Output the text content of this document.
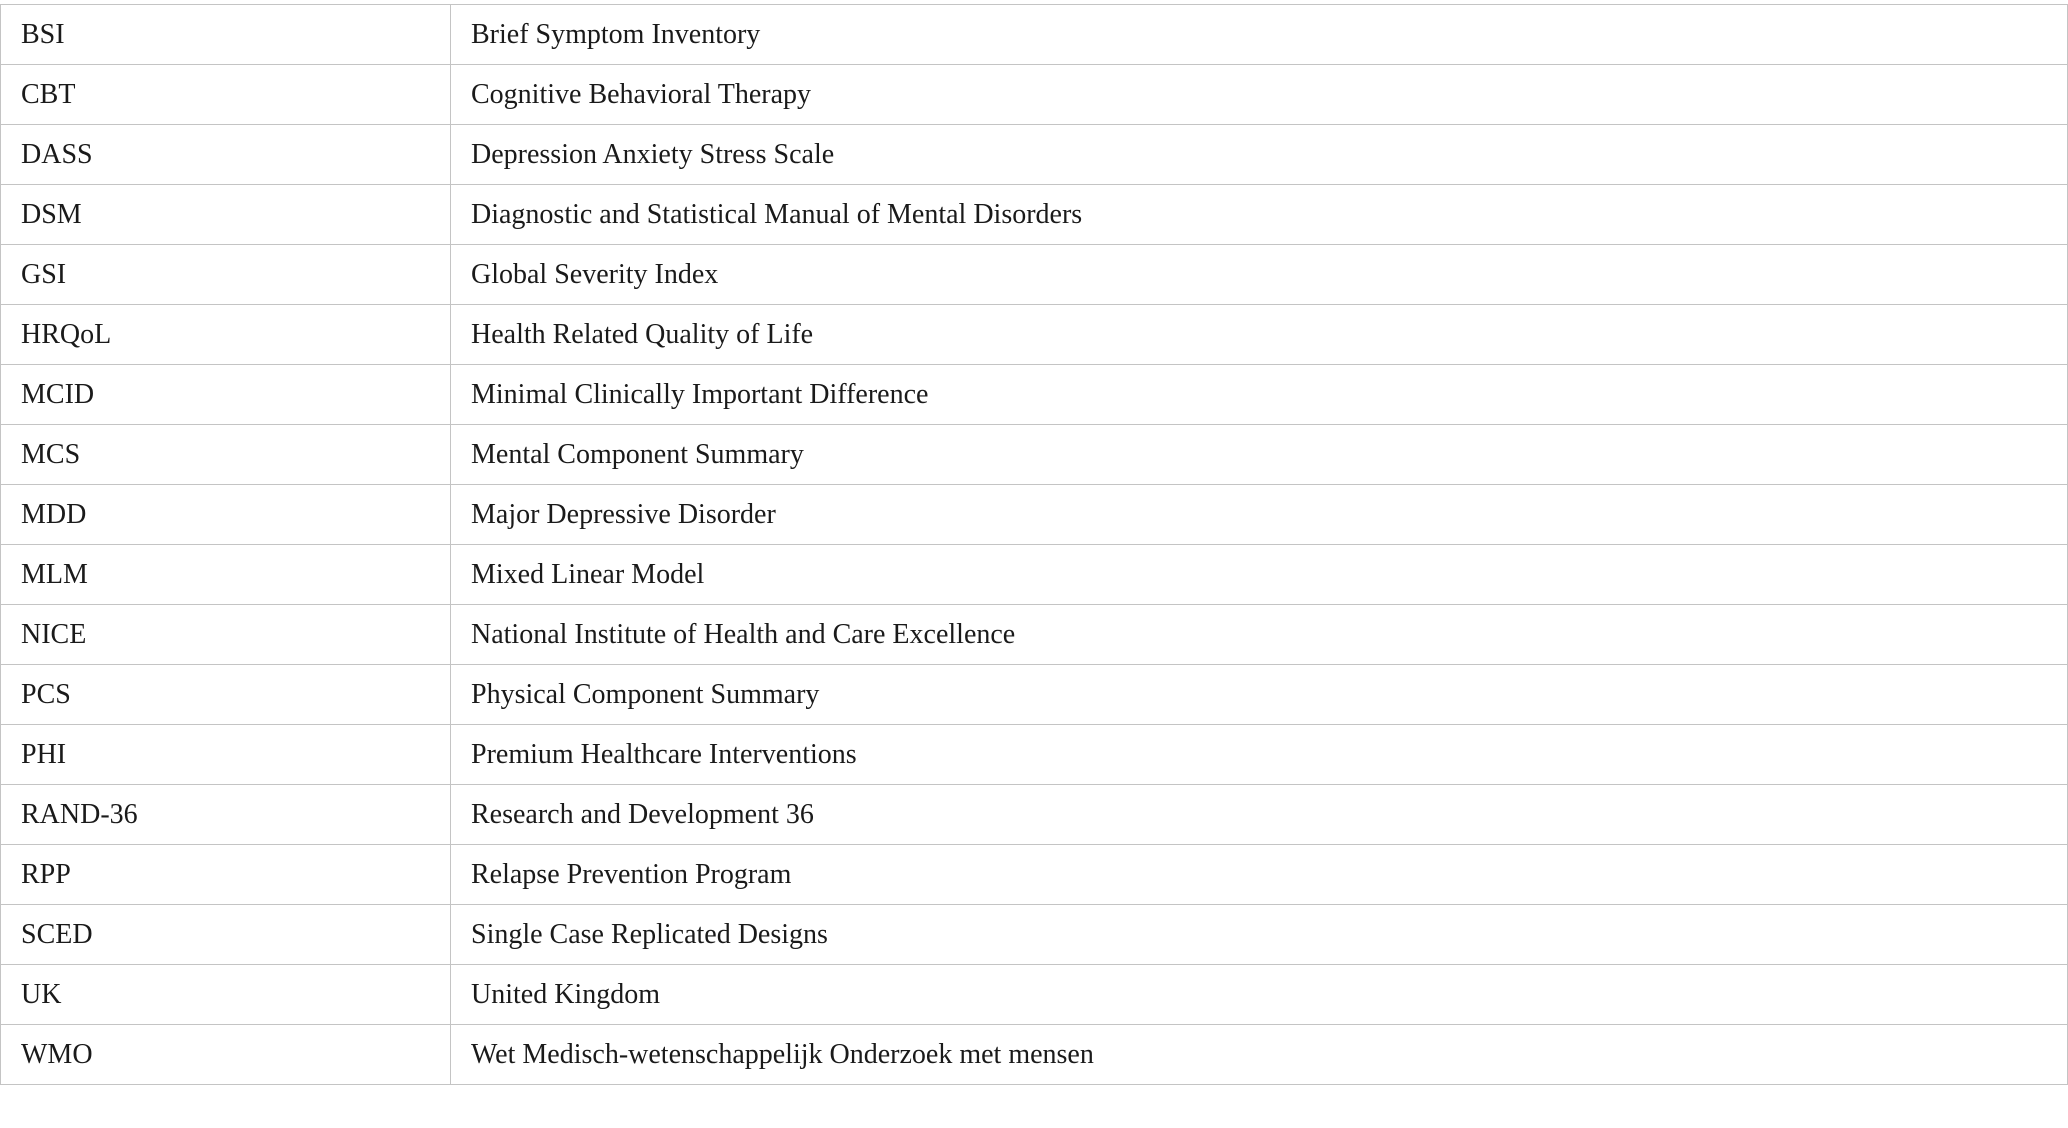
BSI	Brief Symptom Inventory
CBT	Cognitive Behavioral Therapy
DASS	Depression Anxiety Stress Scale
DSM	Diagnostic and Statistical Manual of Mental Disorders
GSI	Global Severity Index
HRQoL	Health Related Quality of Life
MCID	Minimal Clinically Important Difference
MCS	Mental Component Summary
MDD	Major Depressive Disorder
MLM	Mixed Linear Model
NICE	National Institute of Health and Care Excellence
PCS	Physical Component Summary
PHI	Premium Healthcare Interventions
RAND-36	Research and Development 36
RPP	Relapse Prevention Program
SCED	Single Case Replicated Designs
UK	United Kingdom
WMO	Wet Medisch-wetenschappelijk Onderzoek met mensen
